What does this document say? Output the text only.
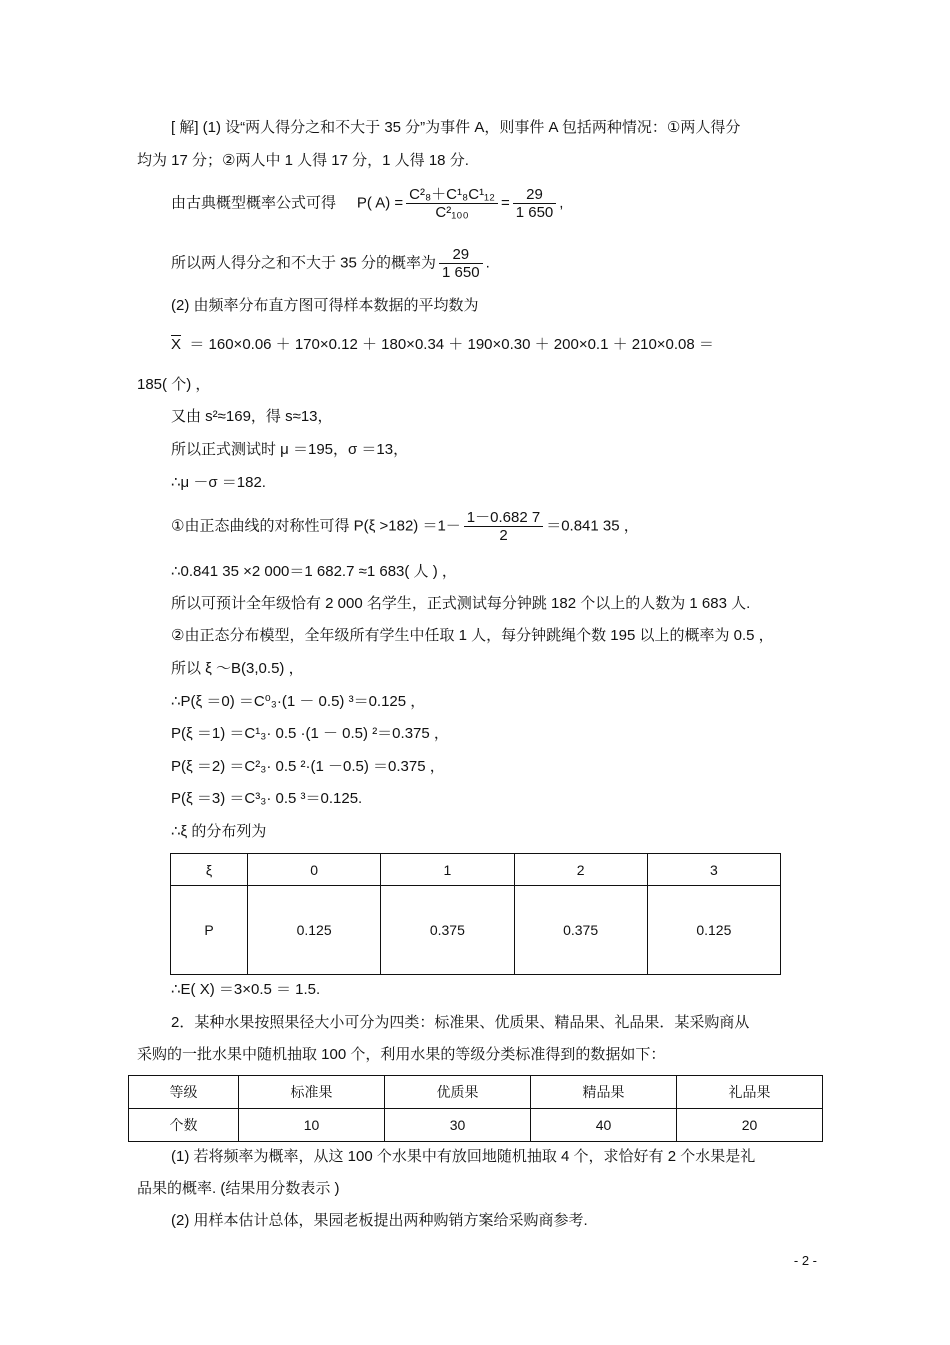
[ 解] (1) 设“两人得分之和不大于 35 分”为事件 A，则事件 A 包括两种情况：①两人得分
均为 17 分；②两人中 1 人得 17 分，1 人得 18 分.
由古典概型概率公式可得 P( $A) = \frac{\text{C²₈＋C¹₈C¹₁₂}}{\text{C²₁₀₀}} = \frac{29}{1 650}$ ,
所以两人得分之和不大于 35 分的概率为 $\frac{29}{1 650}$ .
(2) 由频率分布直方图可得样本数据的平均数为
$\overline{X} = 160\times 0.06 + 170\times 0.12 + 180\times 0.34 + 190\times 0.30 + 200\times 0.1 + 210\times 0.08$ ＝
185( 个) ，
又由 s²≈169，得 s≈13，
所以正式测试时 μ ＝195，σ ＝13，
∴μ －σ ＝182.
①由正态曲线的对称性可得 $P(\xi >182) =1- \frac{1-0.682 7}{2} =0.841$ 35 ，
∴0.841 35 ×2 000＝1 682.7 ≈1 683( 人 ) ，
所以可预计全年级恰有 2 000 名学生，正式测试每分钟跳 182 个以上的人数为 1 683 人.
②由正态分布模型，全年级所有学生中任取 1 人，每分钟跳绳个数 195 以上的概率为 0.5 ，
所以 ξ ～B(3,0.5) ，
∴P(ξ ＝0) ＝C⁰₃·(1 － 0.5) ³＝0.125 ，
P(ξ ＝1) ＝C¹₃· 0.5 ·(1 － 0.5) ²＝0.375 ，
P(ξ ＝2) ＝C²₃· 0.5 ²·(1 －0.5) ＝0.375 ，
P(ξ ＝3) ＝C³₃· 0.5 ³＝0.125.
∴ξ 的分布列为
ξ	0	1	2	3
P	0.125	0.375	0.375	0.125
∴E( X) ＝3×0.5 ＝ 1.5.
2．某种水果按照果径大小可分为四类：标准果、优质果、精品果、礼品果．某采购商从
采购的一批水果中随机抽取 100 个，利用水果的等级分类标准得到的数据如下：
等级	标准果	优质果	精品果	礼品果
个数	10	30	40	20
(1) 若将频率为概率，从这 100 个水果中有放回地随机抽取 4 个，求恰好有 2 个水果是礼
品果的概率. (结果用分数表示 )
(2) 用样本估计总体，果园老板提出两种购销方案给采购商参考.
- 2 -
